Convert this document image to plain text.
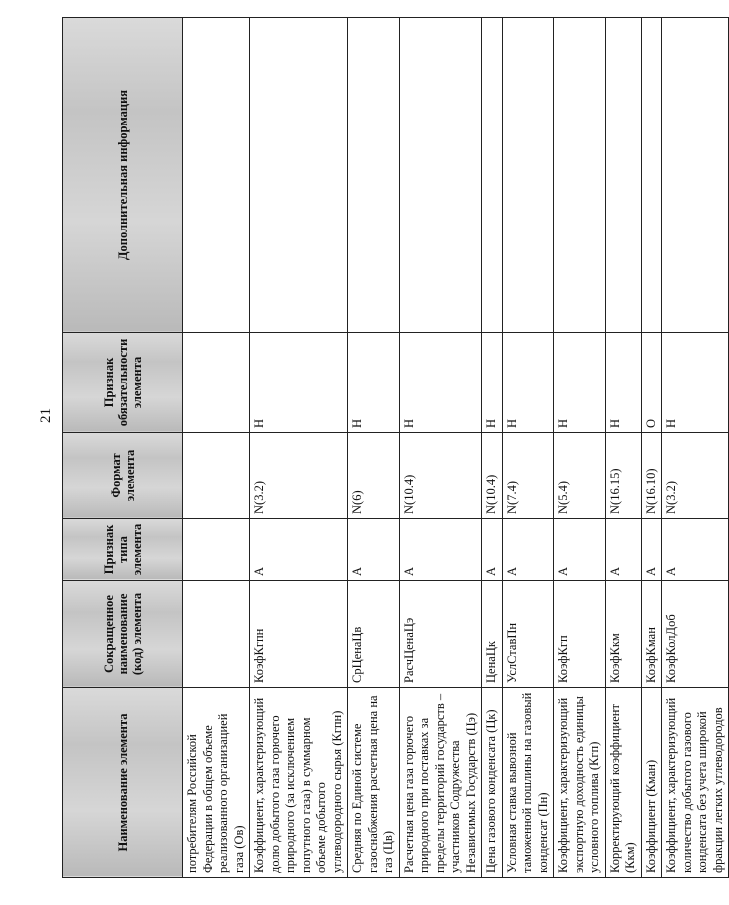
21
Наименование элемента	Сокращенное наименование (код) элемента	Признак типа элемента	Формат элемента	Признак обязательности элемента	Дополнительная информация
потребителям Российской Федерации в общем объеме реализованного организацией газа (Ов)					
Коэффициент, характеризующий долю добытого газа горючего природного (за исключением попутного газа) в суммарном объеме добытого углеводородного сырья (Кгпн)	КоэфКгпн	А	N(3.2)	Н	
Средняя по Единой системе газоснабжения расчетная цена на газ (Цв)	СрЦенаЦв	А	N(6)	Н	
Расчетная цена газа горючего природного при поставках за пределы территорий государств – участников Содружества Независимых Государств (Цэ)	РасчЦенаЦэ	А	N(10.4)	Н	
Цена газового конденсата (Цк)	ЦенаЦк	А	N(10.4)	Н	
Условная ставка вывозной таможенной пошлины на газовый конденсат (Пн)	УслСтавПн	А	N(7.4)	Н	
Коэффициент, характеризующий экспортную доходность единицы условного топлива (Кгп)	КоэфКгп	А	N(5.4)	Н	
Корректирующий коэффициент (Ккм)	КоэфКкм	А	N(16.15)	Н	
Коэффициент (Кман)	КоэфКман	А	N(16.10)	О	
Коэффициент, характеризующий количество добытого газового конденсата без учета широкой фракции легких углеводородов	КоэфКолДоб	А	N(3.2)	Н	
